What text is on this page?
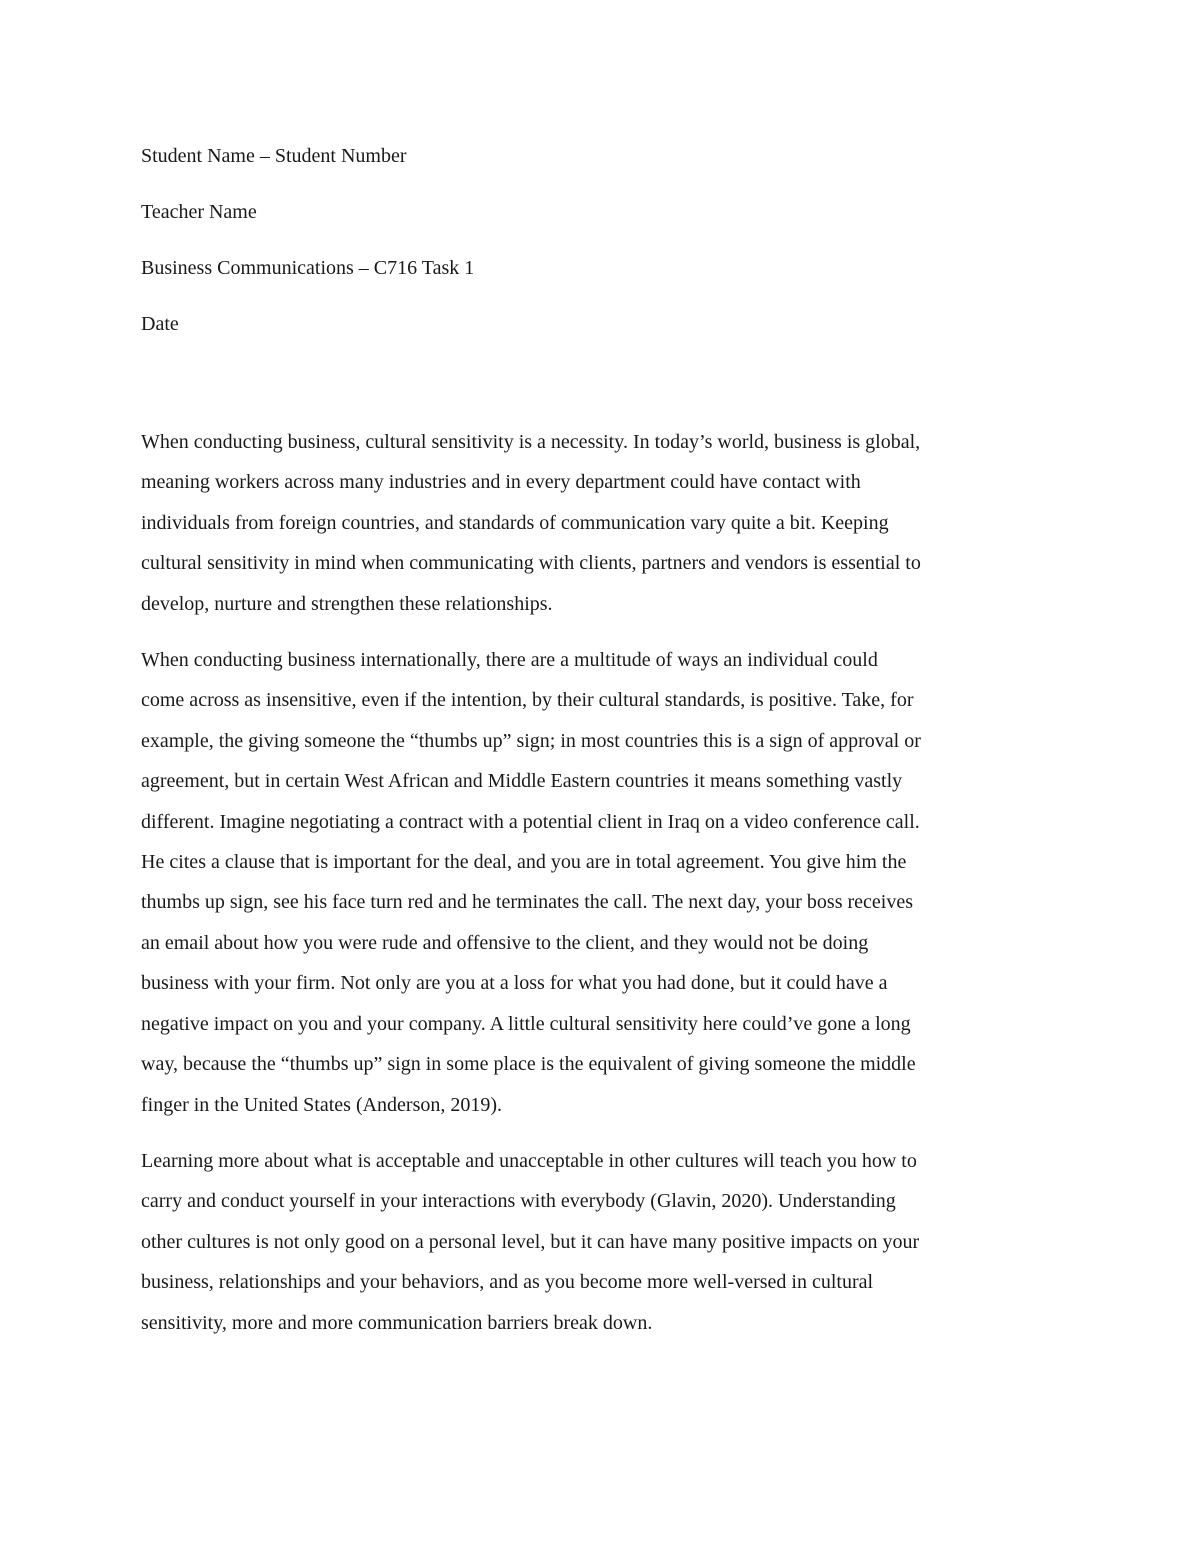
Student Name – Student Number

Teacher Name

Business Communications – C716 Task 1

Date

When conducting business, cultural sensitivity is a necessity. In today’s world, business is global,
meaning workers across many industries and in every department could have contact with
individuals from foreign countries, and standards of communication vary quite a bit. Keeping
cultural sensitivity in mind when communicating with clients, partners and vendors is essential to
develop, nurture and strengthen these relationships.

When conducting business internationally, there are a multitude of ways an individual could
come across as insensitive, even if the intention, by their cultural standards, is positive. Take, for
example, the giving someone the “thumbs up” sign; in most countries this is a sign of approval or
agreement, but in certain West African and Middle Eastern countries it means something vastly
different. Imagine negotiating a contract with a potential client in Iraq on a video conference call.
He cites a clause that is important for the deal, and you are in total agreement. You give him the
thumbs up sign, see his face turn red and he terminates the call. The next day, your boss receives
an email about how you were rude and offensive to the client, and they would not be doing
business with your firm. Not only are you at a loss for what you had done, but it could have a
negative impact on you and your company. A little cultural sensitivity here could’ve gone a long
way, because the “thumbs up” sign in some place is the equivalent of giving someone the middle
finger in the United States (Anderson, 2019).

Learning more about what is acceptable and unacceptable in other cultures will teach you how to
carry and conduct yourself in your interactions with everybody (Glavin, 2020). Understanding
other cultures is not only good on a personal level, but it can have many positive impacts on your
business, relationships and your behaviors, and as you become more well-versed in cultural
sensitivity, more and more communication barriers break down.
